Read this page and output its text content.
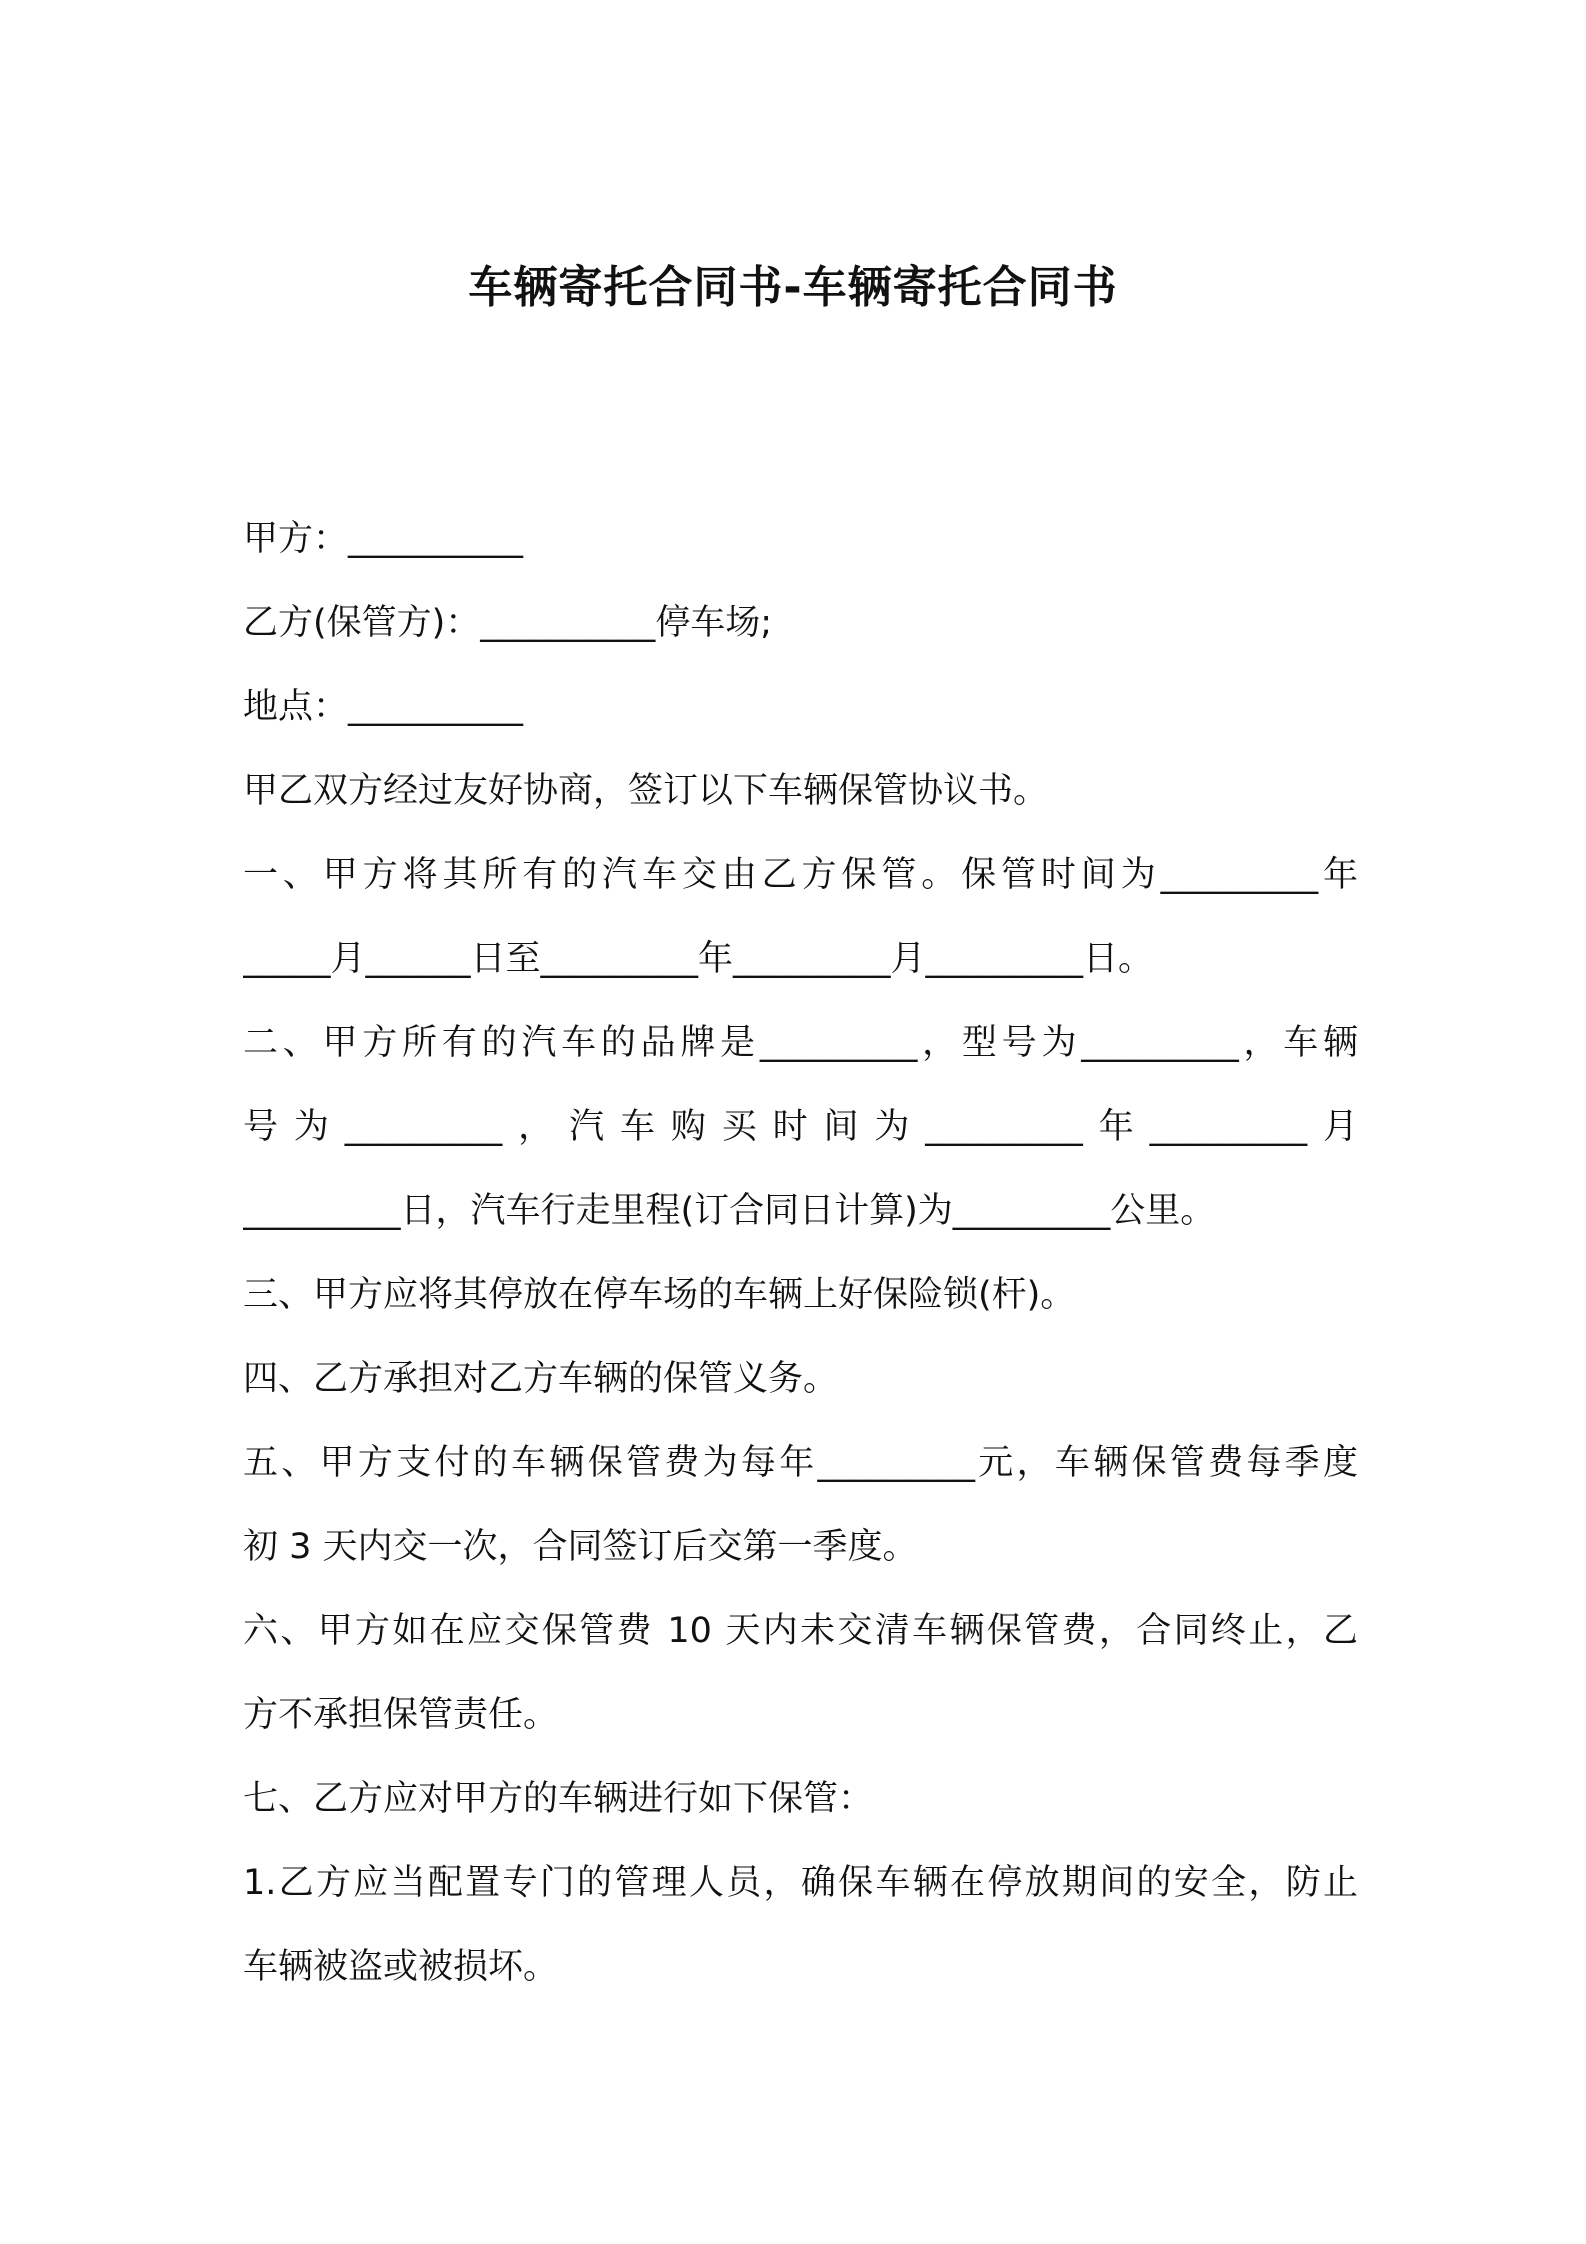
车辆寄托合同书-车辆寄托合同书
甲方：__________
乙方(保管方)：__________停车场;
地点：__________
甲乙双方经过友好协商，签订以下车辆保管协议书。
一、甲方将其所有的汽车交由乙方保管。保管时间为_________年
_____月______日至_________年_________月_________日。
二、甲方所有的汽车的品牌是_________，型号为_________，车辆
号为_________，汽车购买时间为_________年_________月
_________日，汽车行走里程(订合同日计算)为_________公里。
三、甲方应将其停放在停车场的车辆上好保险锁(杆)。
四、乙方承担对乙方车辆的保管义务。
五、甲方支付的车辆保管费为每年_________元，车辆保管费每季度
初 3 天内交一次，合同签订后交第一季度。
六、甲方如在应交保管费 10 天内未交清车辆保管费，合同终止，乙
方不承担保管责任。
七、乙方应对甲方的车辆进行如下保管：
1.乙方应当配置专门的管理人员，确保车辆在停放期间的安全，防止
车辆被盗或被损坏。
